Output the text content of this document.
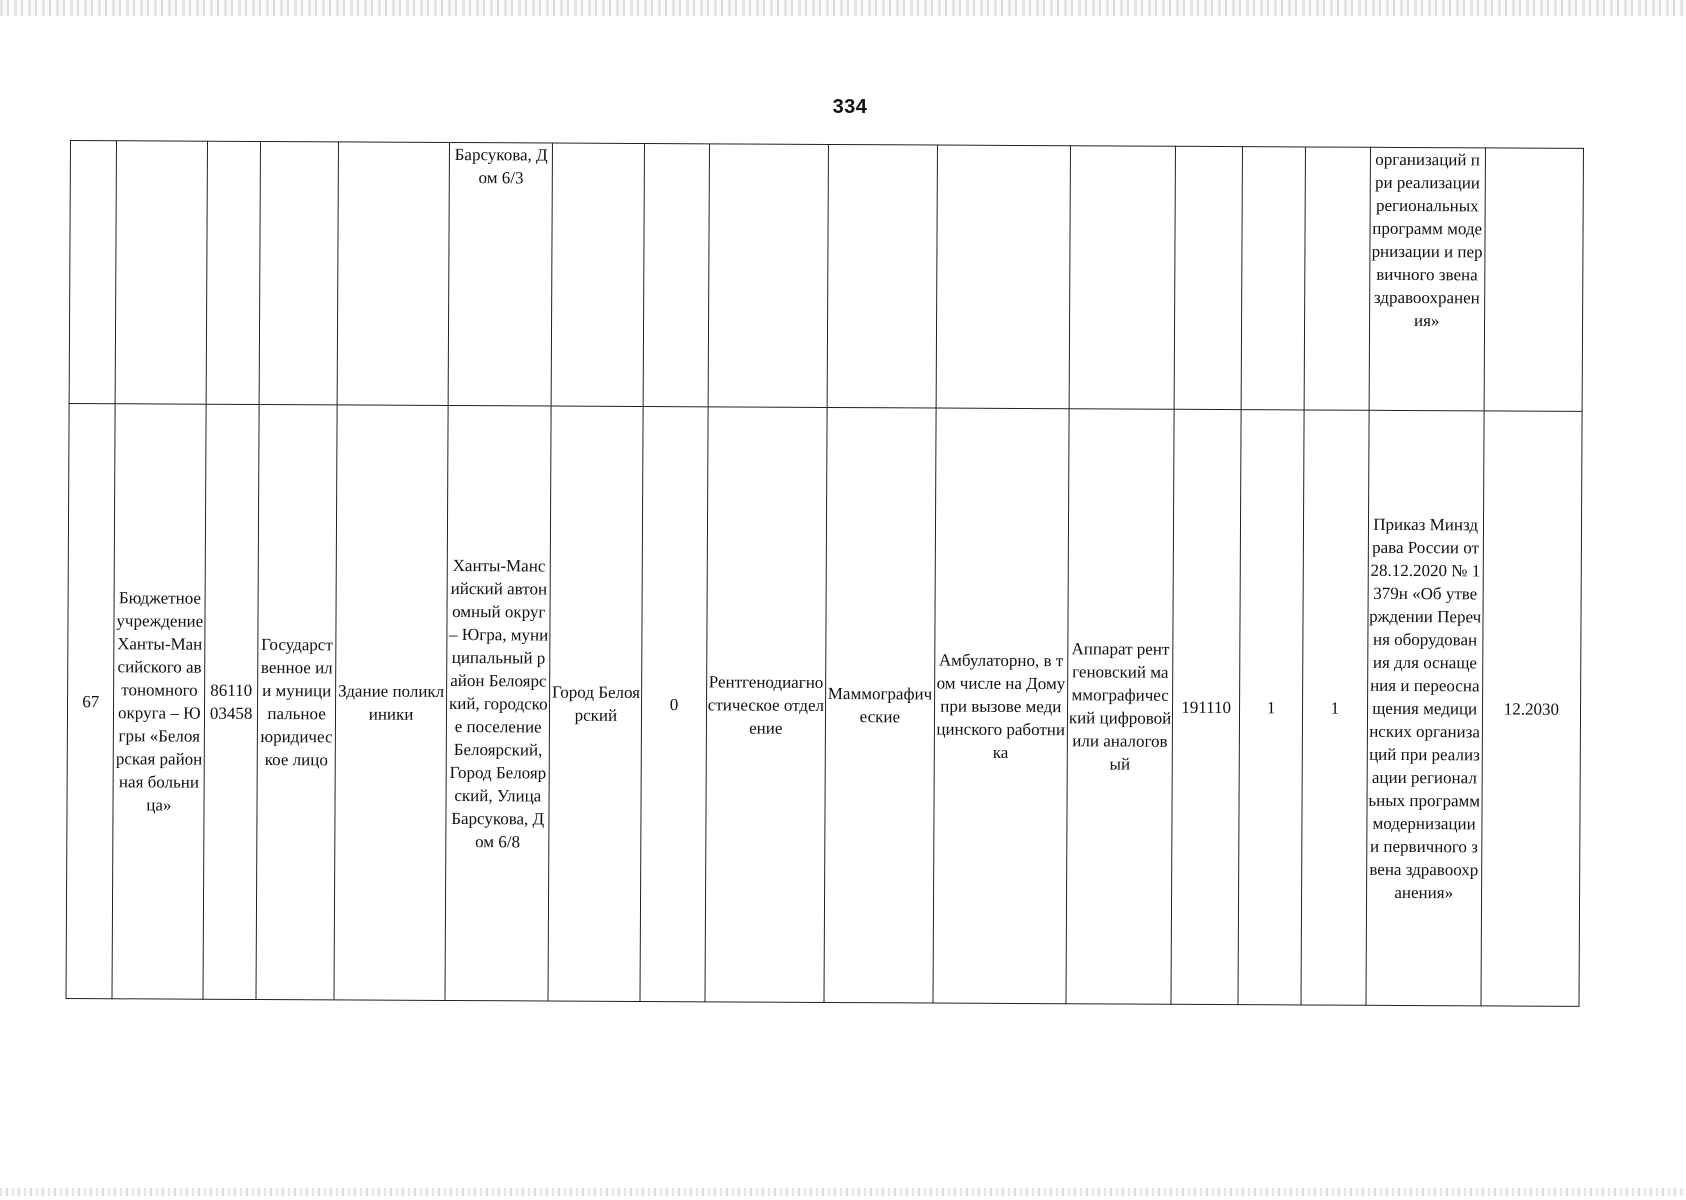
334
					Барсукова, Дом 6/3										организаций при реализации региональных программ модернизации и первичного звена здравоохранения»	
67	Бюджетное учреждение Ханты-Мансийского автономного округа – Югры «Белоярская районная больница»	8611003458	Государственное или муниципальное юридическое лицо	Здание поликлиники	Ханты-Мансийский автономный округ – Югра, муниципальный район Белоярский, городское поселение Белоярский, Город Белоярский, Улица Барсукова, Дом 6/8	Город Белоярский	0	Рентгенодиагностическое отделение	Маммографические	Амбулаторно, в том числе на Дому при вызове медицинского работника	Аппарат рентгеновский маммографический цифровой или аналоговый	191110	1	1	Приказ Минздрава России от 28.12.2020 № 1379н «Об утверждении Перечня оборудования для оснащения и переоснащения медицинских организаций при реализации региональных программ модернизации и первичного звена здравоохранения»	12.2030
